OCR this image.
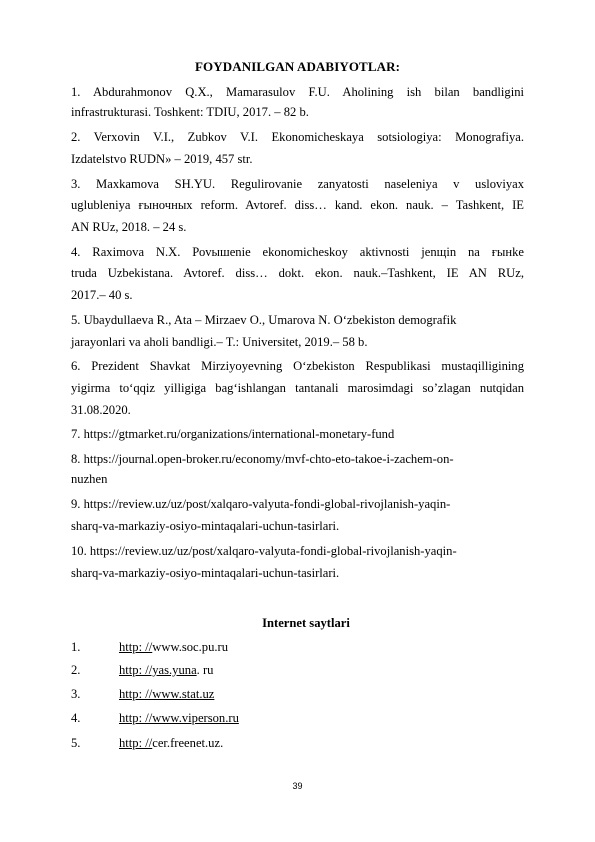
FOYDANILGAN ADABIYOTLAR:
1. Abdurahmonov Q.X., Mamarasulov F.U. Aholining ish bilan bandligini
infrastrukturasi. Toshkent: TDIU, 2017. – 82 b.
2. Verxovin V.I., Zubkov V.I. Ekonomicheskaya sotsiologiya: Monografiya.
Izdatelstvo RUDN» – 2019, 457 str.
3. Maxkamova SH.YU. Regulirovanie zanyatosti naseleniya v usloviyax
uglubleniya ғыночных reform. Avtoref. diss… kand. ekon. nauk. – Tashkent, IE
AN RUz, 2018. – 24 s.
4. Raximova N.X. Роvышenie ekonomicheskoy aktivnosti jenщin na ғынke
truda Uzbekistana. Avtoref. diss… dokt. ekon. nauk.–Tashkent, IE AN RUz,
2017.– 40 s.
5. Ubaydullaeva R., Ata – Mirzaev O., Umarova N. O‘zbekiston demografik
jarayonlari va aholi bandligi.– T.: Universitet, 2019.– 58 b.
6. Prezident Shavkat Mirziyoyevning O‘zbekiston Respublikasi mustaqilligining
yigirma to‘qqiz yilligiga bag‘ishlangan tantanali marosimdagi so’zlagan nutqidan
31.08.2020.
7. https://gtmarket.ru/organizations/international-monetary-fund
8. https://journal.open-broker.ru/economy/mvf-chto-eto-takoe-i-zachem-on-
nuzhen
9. https://review.uz/uz/post/xalqaro-valyuta-fondi-global-rivojlanish-yaqin-
sharq-va-markaziy-osiyo-mintaqalari-uchun-tasirlari.
10. https://review.uz/uz/post/xalqaro-valyuta-fondi-global-rivojlanish-yaqin-
sharq-va-markaziy-osiyo-mintaqalari-uchun-tasirlari.
Internet saytlari
1.	http: //www.soc.pu.ru
2.	http: //yas.yuna. ru
3.	http: //www.stat.uz
4.	http: //www.viperson.ru
5.	http: //cer.freenet.uz.
39
